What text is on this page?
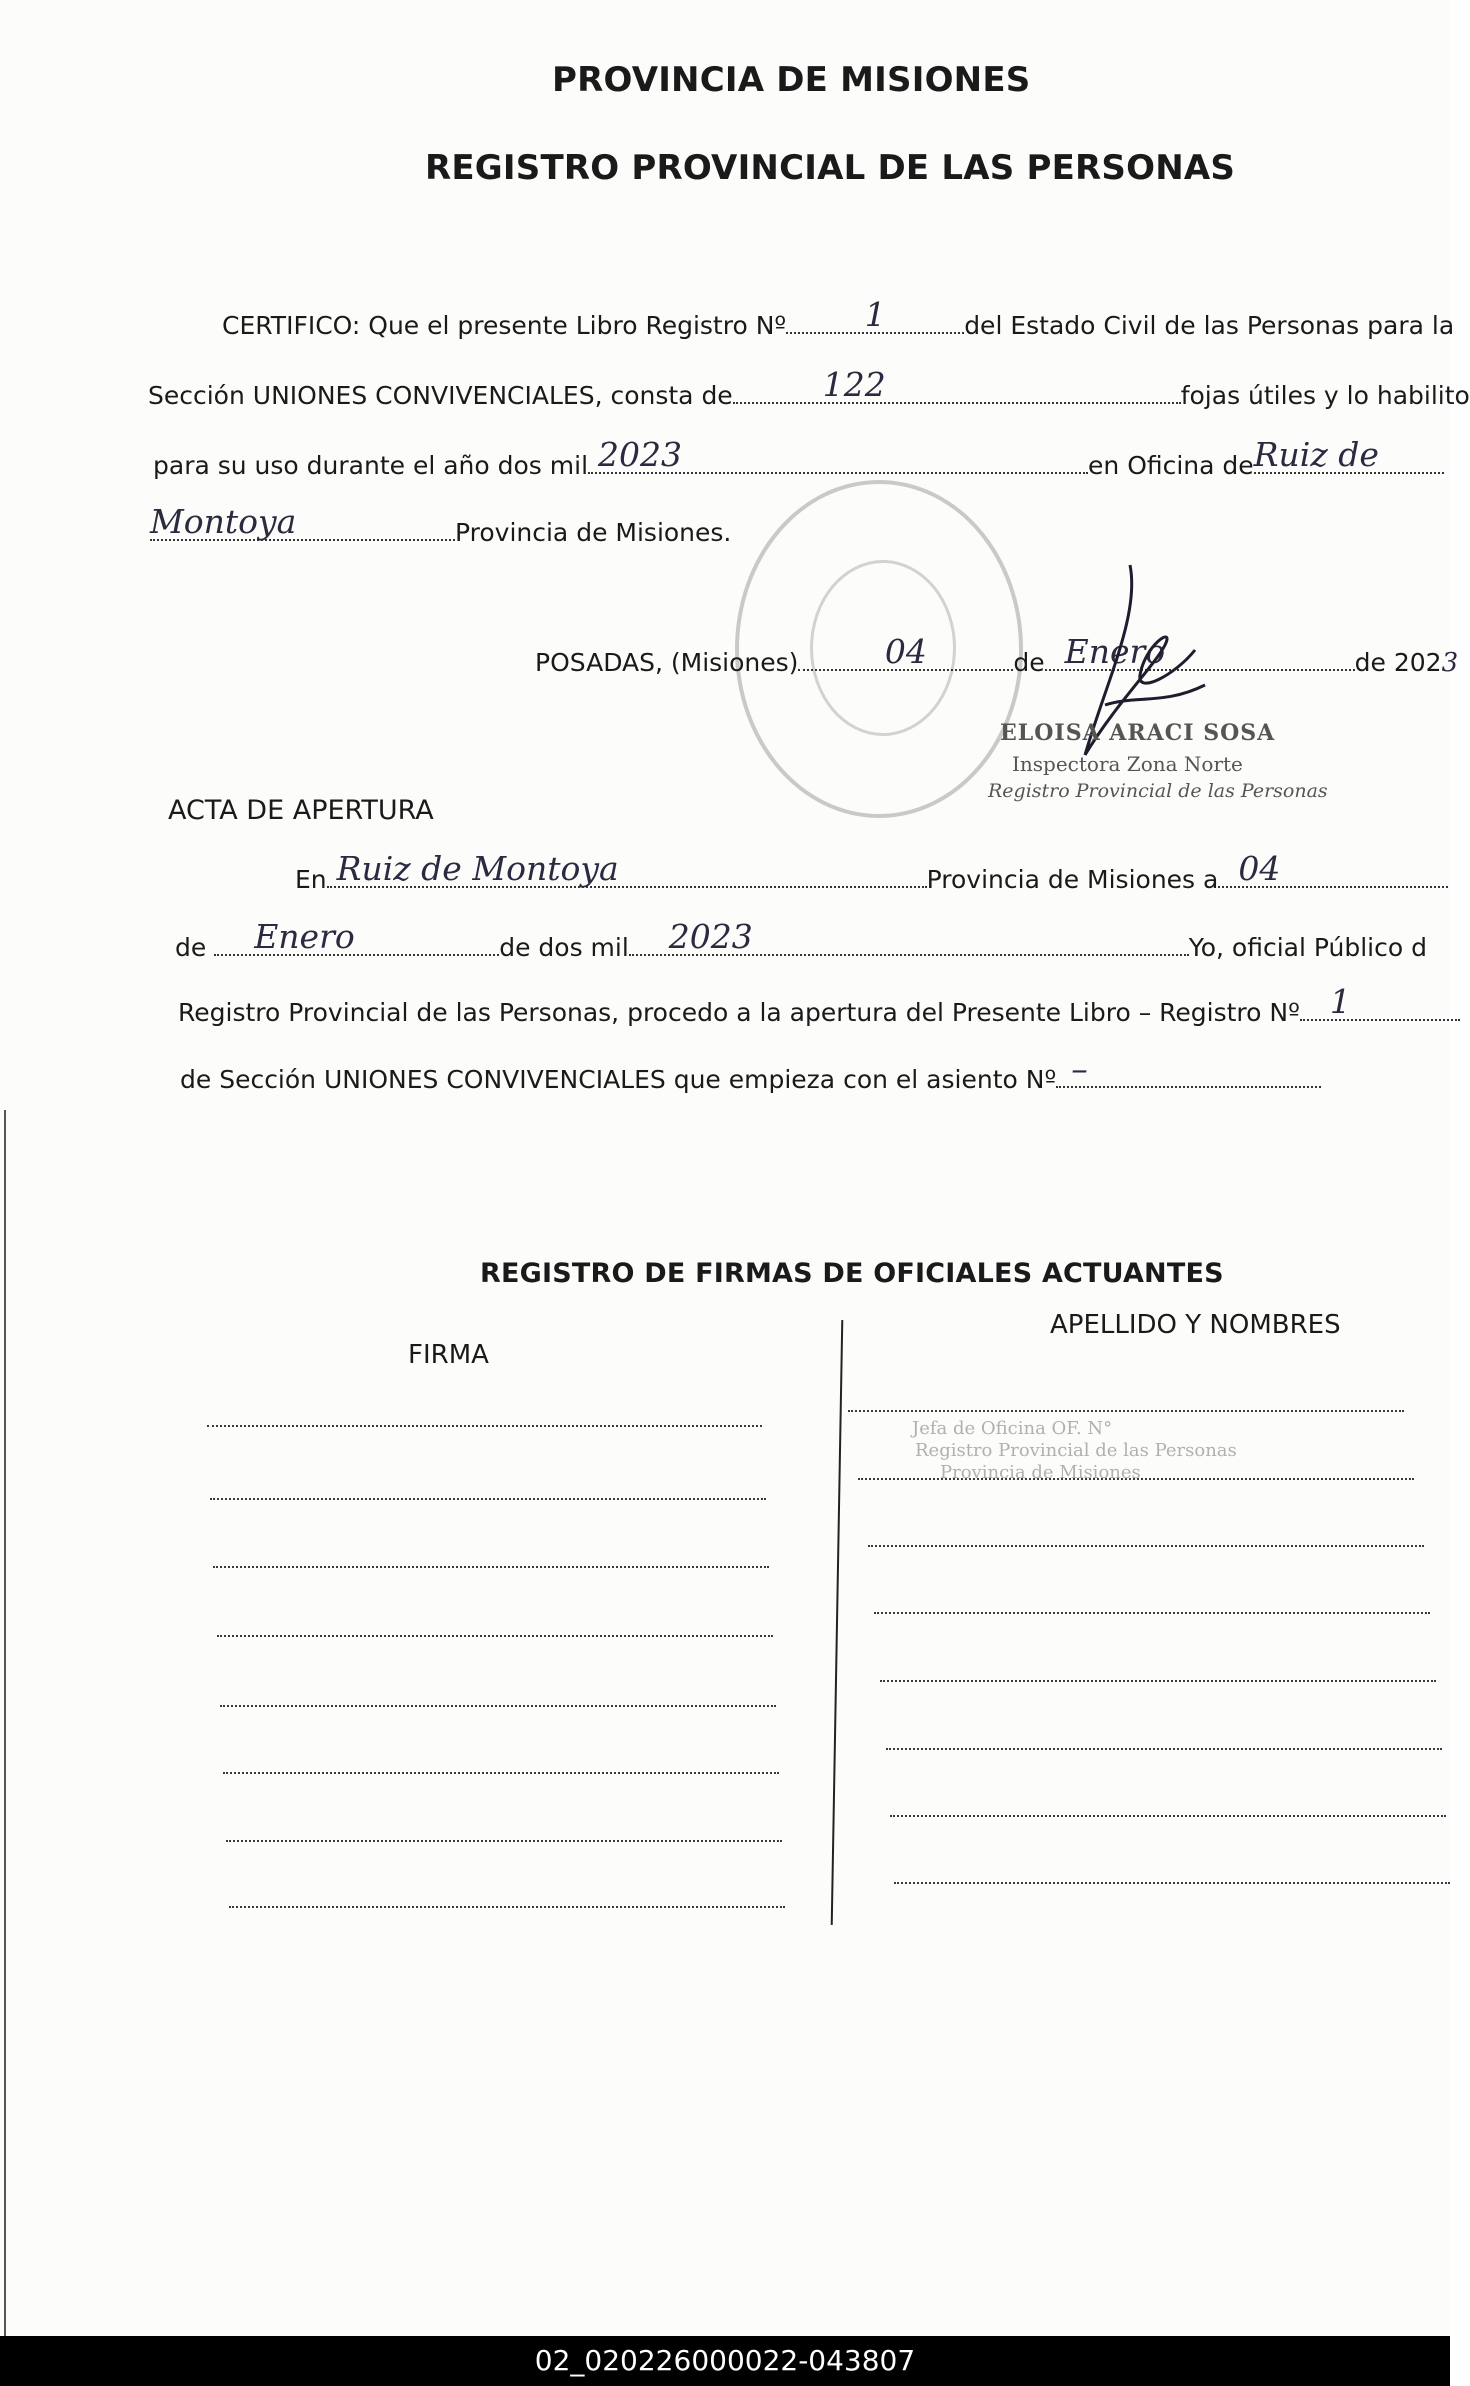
PROVINCIA DE MISIONES
REGISTRO PROVINCIAL DE LAS PERSONAS
CERTIFICO: Que el presente Libro Registro Nº	1	del Estado Civil de las Personas para la
Sección UNIONES CONVIVENCIALES, consta de	122	fojas útiles y lo habilito
para su uso durante el año dos mil 2023	en Oficina de Ruiz de
Montoya	Provincia de Misiones.
POSADAS, (Misiones)	04	de Enero	de 2023
ELOISA ARACI SOSA
Inspectora Zona Norte
Registro Provincial de las Personas
ACTA DE APERTURA
En Ruiz de Montoya	Provincia de Misiones a 04
de Enero	de dos mil 2023	Yo, oficial Público d
Registro Provincial de las Personas, procedo a la apertura del Presente Libro – Registro Nº 1
de Sección UNIONES CONVIVENCIALES que empieza con el asiento Nº –
REGISTRO DE FIRMAS DE OFICIALES ACTUANTES
FIRMA
APELLIDO Y NOMBRES
Jefa de Oficina OF. N°
Registro Provincial de las Personas
Provincia de Misiones
02_020226000022-043807
